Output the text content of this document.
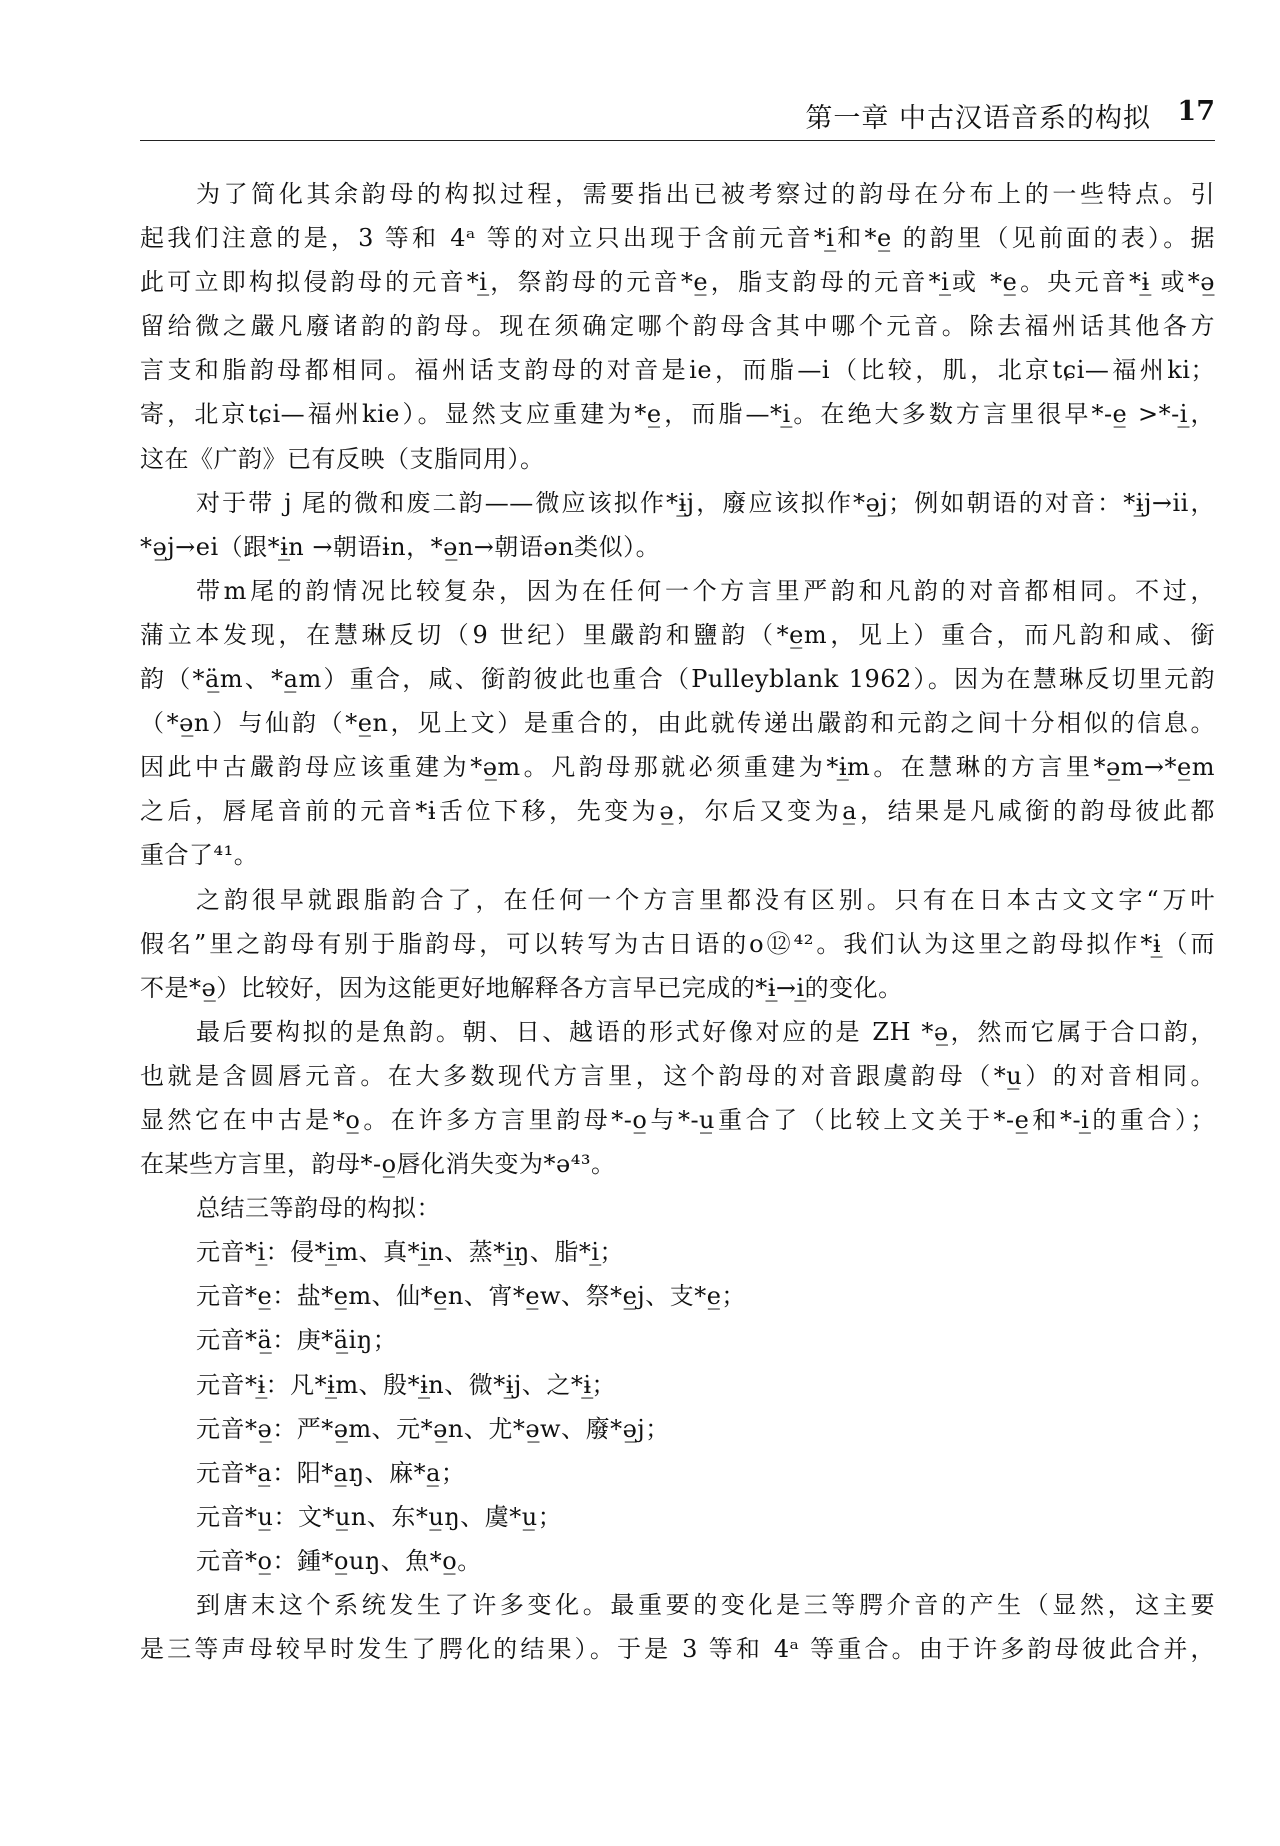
第一章 中古汉语音系的构拟 17
为了简化其余韵母的构拟过程，需要指出已被考察过的韵母在分布上的一些特点。引
起我们注意的是，3 等和 4ᵃ 等的对立只出现于含前元音*i̲和*e̲ 的韵里（见前面的表）。据
此可立即构拟侵韵母的元音*i̲，祭韵母的元音*e̲，脂支韵母的元音*i̲或 *e̲。央元音*ɨ̲ 或*ə̲
留给微之嚴凡廢诸韵的韵母。现在须确定哪个韵母含其中哪个元音。除去福州话其他各方
言支和脂韵母都相同。福州话支韵母的对音是ie，而脂—i（比较，肌，北京tɕi—福州ki；
寄，北京tɕi—福州kie）。显然支应重建为*e̲，而脂—*i̲。在绝大多数方言里很早*-e̲ >*-i̲，
这在《广韵》已有反映（支脂同用）。
对于带 j 尾的微和废二韵——微应该拟作*ɨ̲j，廢应该拟作*ə̲j；例如朝语的对音：*ɨ̲j→ii，
*ə̲j→ei（跟*ɨ̲n →朝语ɨn，*ə̲n→朝语ən类似）。
带m尾的韵情况比较复杂，因为在任何一个方言里严韵和凡韵的对音都相同。不过，
蒲立本发现，在慧琳反切（9 世纪）里嚴韵和鹽韵（*e̲m，见上）重合，而凡韵和咸、銜
韵（*ä̲m、*a̲m）重合，咸、銜韵彼此也重合（Pulleyblank 1962）。因为在慧琳反切里元韵
（*ə̲n）与仙韵（*e̲n，见上文）是重合的，由此就传递出嚴韵和元韵之间十分相似的信息。
因此中古嚴韵母应该重建为*ə̲m。凡韵母那就必须重建为*ɨ̲m。在慧琳的方言里*ə̲m→*e̲m
之后，唇尾音前的元音*ɨ舌位下移，先变为ə̲，尔后又变为a̲，结果是凡咸銜的韵母彼此都
重合了⁴¹。
之韵很早就跟脂韵合了，在任何一个方言里都没有区别。只有在日本古文文字“万叶
假名”里之韵母有别于脂韵母，可以转写为古日语的o⑫⁴²。我们认为这里之韵母拟作*ɨ̲（而
不是*ə̲）比较好，因为这能更好地解释各方言早已完成的*ɨ̲→i̲的变化。
最后要构拟的是魚韵。朝、日、越语的形式好像对应的是 ZH *ə̲，然而它属于合口韵，
也就是含圆唇元音。在大多数现代方言里，这个韵母的对音跟虞韵母（*u̲）的对音相同。
显然它在中古是*o̲。在许多方言里韵母*-o̲与*-u̲重合了（比较上文关于*-e̲和*-i̲的重合）；
在某些方言里，韵母*-o̲唇化消失变为*ə⁴³。
总结三等韵母的构拟：
元音*i̲：侵*i̲m、真*i̲n、蒸*i̲ŋ、脂*i̲；
元音*e̲：盐*e̲m、仙*e̲n、宵*e̲w、祭*e̲j、支*e̲；
元音*ä̲：庚*ä̲iŋ；
元音*ɨ̲：凡*ɨ̲m、殷*ɨ̲n、微*ɨ̲j、之*ɨ̲；
元音*ə̲：严*ə̲m、元*ə̲n、尤*ə̲w、廢*ə̲j；
元音*a̲：阳*a̲ŋ、麻*a̲；
元音*u̲：文*u̲n、东*u̲ŋ、虞*u̲；
元音*o̲：鍾*o̲uŋ、魚*o̲。
到唐末这个系统发生了许多变化。最重要的变化是三等腭介音的产生（显然，这主要
是三等声母较早时发生了腭化的结果）。于是 3 等和 4ᵃ 等重合。由于许多韵母彼此合并，
